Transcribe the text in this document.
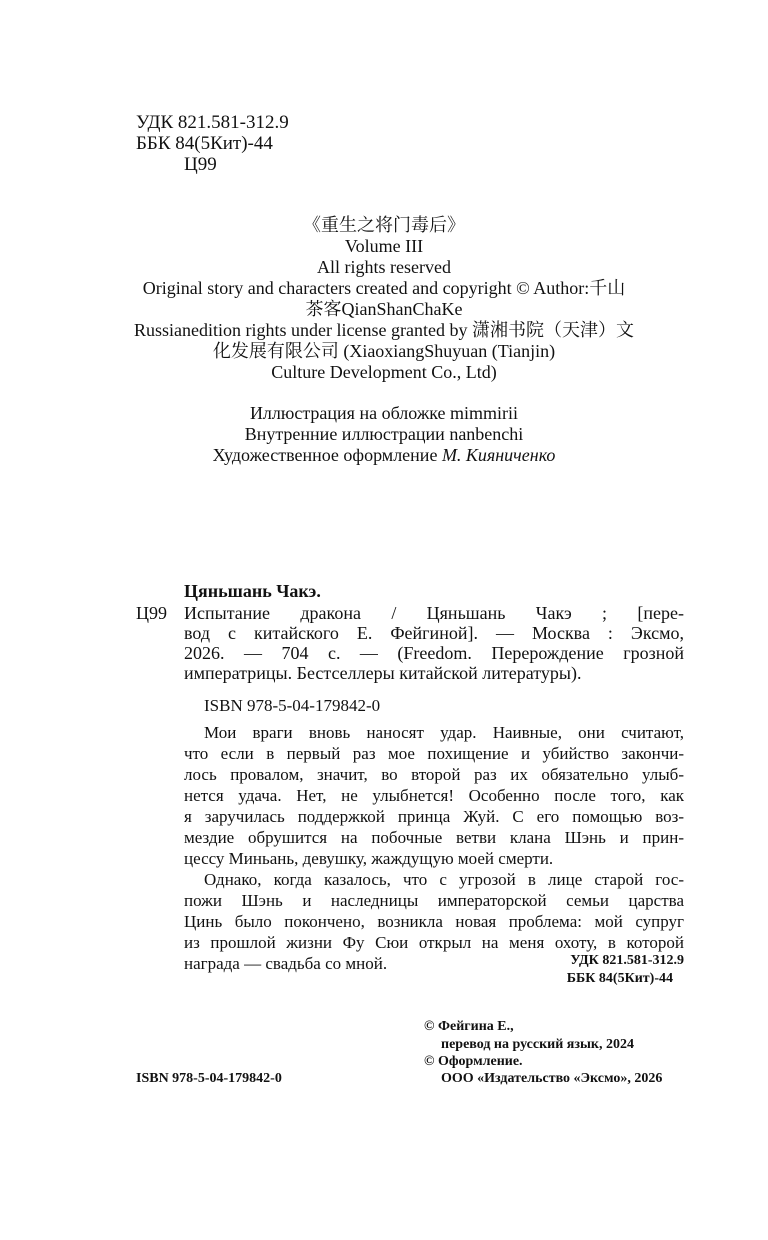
УДК 821.581-312.9
ББК 84(5Кит)-44
Ц99
《重生之将门毒后》
Volume III
All rights reserved
Original story and characters created and copyright © Author:千山
茶客QianShanChaKe
Russianedition rights under license granted by 潇湘书院（天津）文
化发展有限公司 (XiaoxiangShuyuan (Tianjin)
Culture Development Co., Ltd)
Иллюстрация на обложке mimmirii
Внутренние иллюстрации nanbenchi
Художественное оформление М. Кияниченко
Цяньшань Чакэ.
Ц99 Испытание дракона / Цяньшань Чакэ ; [пере-
вод с китайского Е. Фейгиной]. — Москва : Эксмо,
2026. — 704 с. — (Freedom. Перерождение грозной
императрицы. Бестселлеры китайской литературы).
ISBN 978-5-04-179842-0
Мои враги вновь наносят удар. Наивные, они считают,
что если в первый раз мое похищение и убийство закончи-
лось провалом, значит, во второй раз их обязательно улыб-
нется удача. Нет, не улыбнется! Особенно после того, как
я заручилась поддержкой принца Жуй. С его помощью воз-
мездие обрушится на побочные ветви клана Шэнь и прин-
цессу Миньань, девушку, жаждущую моей смерти.
Однако, когда казалось, что с угрозой в лице старой гос-
пожи Шэнь и наследницы императорской семьи царства
Цинь было покончено, возникла новая проблема: мой супруг
из прошлой жизни Фу Сюи открыл на меня охоту, в которой
награда — свадьба со мной.	УДК 821.581-312.9
ББК 84(5Кит)-44
© Фейгина Е.,
перевод на русский язык, 2024
© Оформление.
ООО «Издательство «Эксмо», 2026
ISBN 978-5-04-179842-0
